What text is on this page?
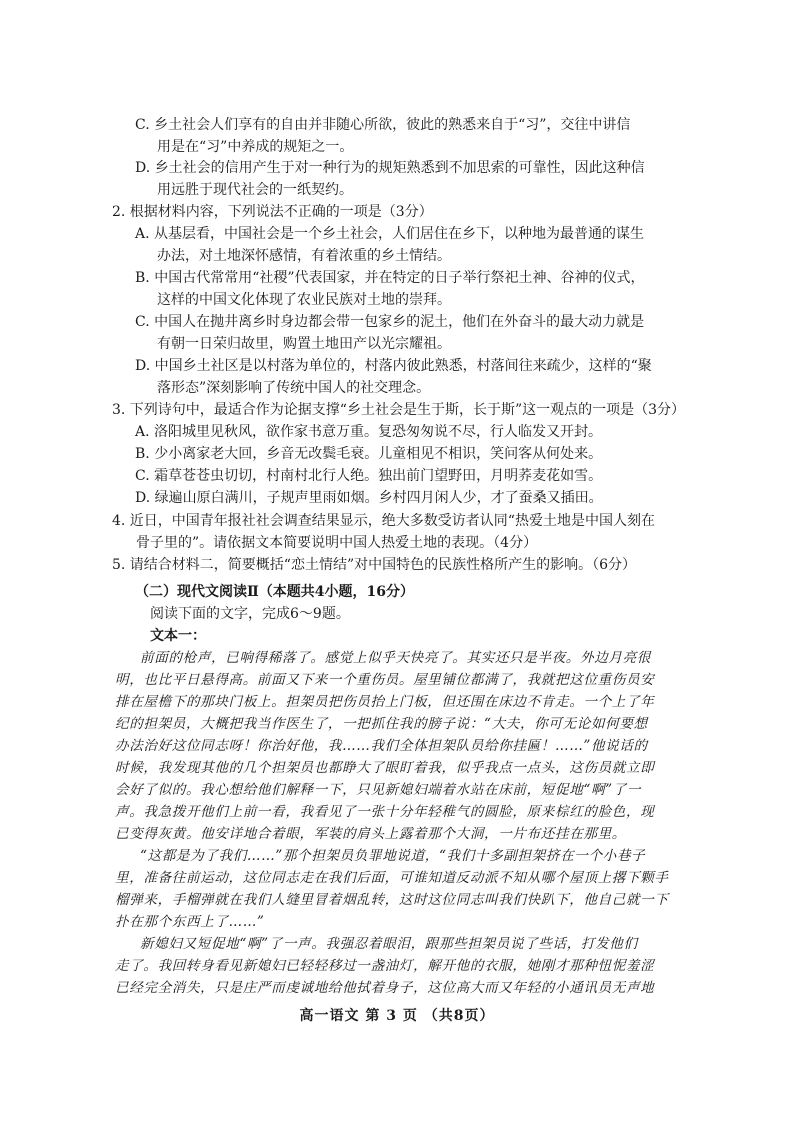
C. 乡土社会人们享有的自由并非随心所欲，彼此的熟悉来自于“习”，交往中讲信
用是在“习”中养成的规矩之一。
D. 乡土社会的信用产生于对一种行为的规矩熟悉到不加思索的可靠性，因此这种信
用远胜于现代社会的一纸契约。
2. 根据材料内容，下列说法不正确的一项是（3分）
A. 从基层看，中国社会是一个乡土社会，人们居住在乡下，以种地为最普通的谋生
办法，对土地深怀感情，有着浓重的乡土情结。
B. 中国古代常常用“社稷”代表国家，并在特定的日子举行祭祀土神、谷神的仪式，
这样的中国文化体现了农业民族对土地的崇拜。
C. 中国人在抛井离乡时身边都会带一包家乡的泥土，他们在外奋斗的最大动力就是
有朝一日荣归故里，购置土地田产以光宗耀祖。
D. 中国乡土社区是以村落为单位的，村落内彼此熟悉，村落间往来疏少，这样的“聚
落形态”深刻影响了传统中国人的社交理念。
3. 下列诗句中，最适合作为论据支撑“乡土社会是生于斯，长于斯”这一观点的一项是（3分）
A. 洛阳城里见秋风，欲作家书意万重。复恐匆匆说不尽，行人临发又开封。
B. 少小离家老大回，乡音无改鬓毛衰。儿童相见不相识，笑问客从何处来。
C. 霜草苍苍虫切切，村南村北行人绝。独出前门望野田，月明荞麦花如雪。
D. 绿遍山原白满川，子规声里雨如烟。乡村四月闲人少，才了蚕桑又插田。
4. 近日，中国青年报社社会调查结果显示，绝大多数受访者认同“热爱土地是中国人刻在
骨子里的”。请依据文本简要说明中国人热爱土地的表现。（4分）
5. 请结合材料二，简要概括“恋土情结”对中国特色的民族性格所产生的影响。（6分）
（二）现代文阅读Ⅱ（本题共4小题，16分）
阅读下面的文字，完成6～9题。
文本一：
前面的枪声，已响得稀落了。感觉上似乎天快亮了。其实还只是半夜。外边月亮很
明，也比平日悬得高。前面又下来一个重伤员。屋里铺位都满了，我就把这位重伤员安
排在屋檐下的那块门板上。担架员把伤员抬上门板，但还围在床边不肯走。一个上了年
纪的担架员，大概把我当作医生了，一把抓住我的膀子说：“大夫，你可无论如何要想
办法治好这位同志呀！你治好他，我……我们全体担架队员给你挂匾！……”他说话的
时候，我发现其他的几个担架员也都睁大了眼盯着我，似乎我点一点头，这伤员就立即
会好了似的。我心想给他们解释一下，只见新媳妇端着水站在床前，短促地“啊”了一
声。我急拨开他们上前一看，我看见了一张十分年轻稚气的圆脸，原来棕红的脸色，现
已变得灰黄。他安详地合着眼，军装的肩头上露着那个大洞，一片布还挂在那里。
“这都是为了我们……”那个担架员负罪地说道，“我们十多副担架挤在一个小巷子
里，准备往前运动，这位同志走在我们后面，可谁知道反动派不知从哪个屋顶上撂下颗手
榴弹来，手榴弹就在我们人缝里冒着烟乱转，这时这位同志叫我们快趴下，他自己就一下
扑在那个东西上了……”
新媳妇又短促地“啊”了一声。我强忍着眼泪，跟那些担架员说了些话，打发他们
走了。我回转身看见新媳妇已轻轻移过一盏油灯，解开他的衣服，她刚才那种忸怩羞涩
已经完全消失，只是庄严而虔诚地给他拭着身子，这位高大而又年轻的小通讯员无声地
高一语文 第 3 页 （共8页）
